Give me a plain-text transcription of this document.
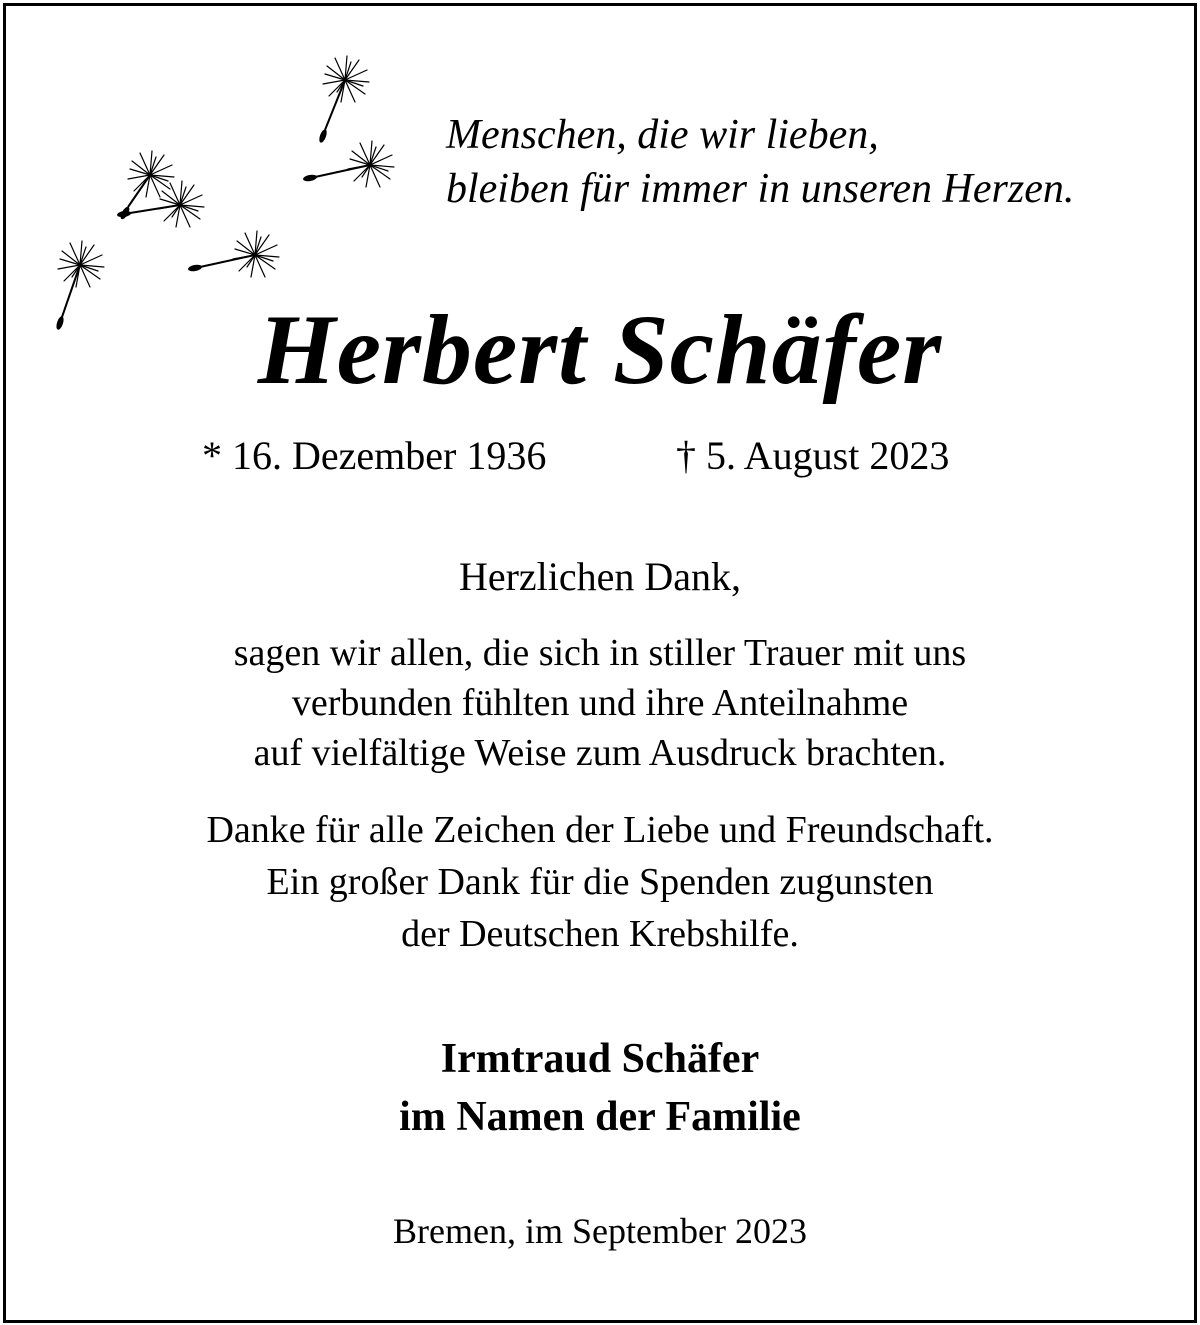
Menschen, die wir lieben,
bleiben für immer in unseren Herzen.
Herbert Schäfer
* 16. Dezember 1936	† 5. August 2023
Herzlichen Dank,
sagen wir allen, die sich in stiller Trauer mit uns
verbunden fühlten und ihre Anteilnahme
auf vielfältige Weise zum Ausdruck brachten.
Danke für alle Zeichen der Liebe und Freundschaft.
Ein großer Dank für die Spenden zugunsten
der Deutschen Krebshilfe.
Irmtraud Schäfer
im Namen der Familie
Bremen, im September 2023
